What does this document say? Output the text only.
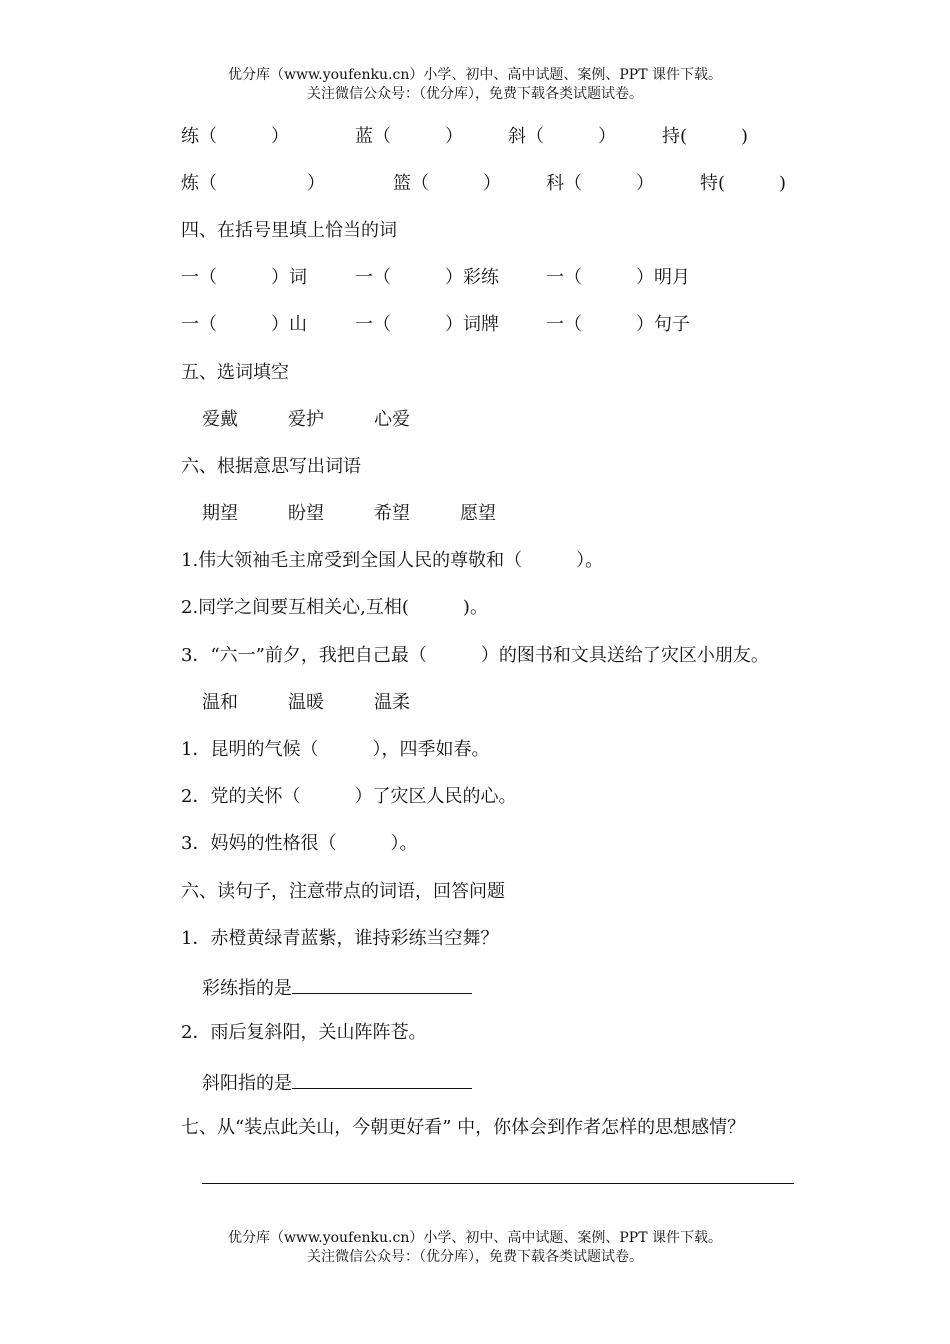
优分库（www.youfenku.cn）小学、初中、高中试题、案例、PPT 课件下载。
关注微信公众号：（优分库），免费下载各类试题试卷。
练（　　　）	蓝（　　　）	斜（　　　）	持(　　　)
炼（　　　　　）	篮（　　　）	科（　　　）	特(　　　)
四、在括号里填上恰当的词
一（　　　）词	一（　　　）彩练	一（　　　）明月
一（　　　）山	一（　　　）词牌	一（　　　）句子
五、选词填空
爱戴	爱护	心爱
六、根据意思写出词语
期望	盼望	希望	愿望
1.伟大领袖毛主席受到全国人民的尊敬和（　　　）。
2.同学之间要互相关心,互相(　　　)。
3．“六一”前夕，我把自己最（　　　）的图书和文具送给了灾区小朋友。
温和	温暖	温柔
1．昆明的气候（　　　），四季如春。
2．党的关怀（　　　）了灾区人民的心。
3．妈妈的性格很（　　　）。
六、读句子，注意带点的词语，回答问题
1．赤橙黄绿青蓝紫，谁持彩练当空舞？
彩练指的是
2．雨后复斜阳，关山阵阵苍。
斜阳指的是
七、从“装点此关山，今朝更好看” 中，你体会到作者怎样的思想感情？
优分库（www.youfenku.cn）小学、初中、高中试题、案例、PPT 课件下载。
关注微信公众号：（优分库），免费下载各类试题试卷。
